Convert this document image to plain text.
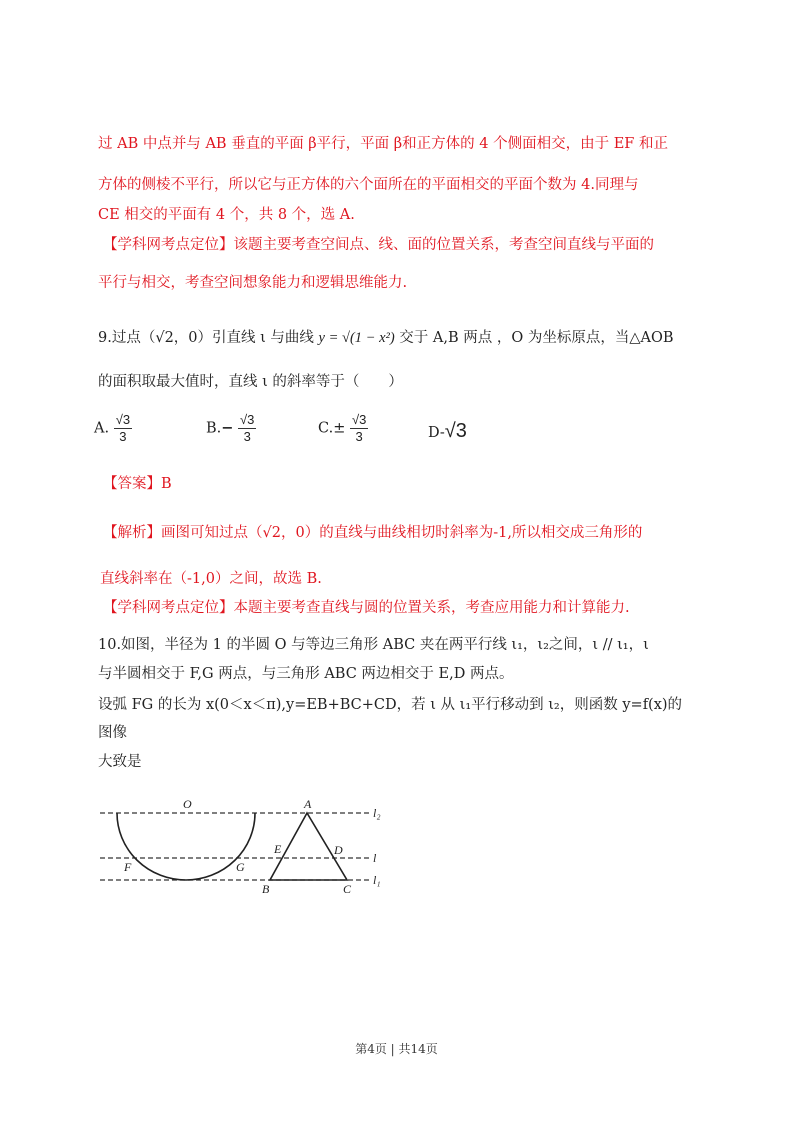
过 AB 中点并与 AB 垂直的平面 β平行，平面 β和正方体的 4 个侧面相交，由于 EF 和正
方体的侧棱不平行，所以它与正方体的六个面所在的平面相交的平面个数为 4.同理与
CE 相交的平面有 4 个，共 8 个，选 A.
【学科网考点定位】该题主要考查空间点、线、面的位置关系，考查空间直线与平面的
平行与相交，考查空间想象能力和逻辑思维能力.
9.过点（√2，0）引直线 ι 与曲线 y = √(1 − x²) 交于 A,B 两点 ，O 为坐标原点，当△AOB
的面积取最大值时，直线 ι 的斜率等于（　　）
A. $\frac{√3}{3}$	$B.- \frac{√3}{3}$	$C.\pm \frac{√3}{3}$	D-√3
【答案】B
【解析】画图可知过点（√2，0）的直线与曲线相切时斜率为-1,所以相交成三角形的
直线斜率在（-1,0）之间，故选 B.
【学科网考点定位】本题主要考查直线与圆的位置关系，考查应用能力和计算能力.
10.如图，半径为 1 的半圆 O 与等边三角形 ABC 夹在两平行线 ι₁，ι₂之间，ι // ι₁，ι
与半圆相交于 F,G 两点，与三角形 ABC 两边相交于 E,D 两点。
设弧 FG 的长为 x(0＜x＜π),y=EB+BC+CD，若 ι 从 ι₁平行移动到 ι₂，则函数 y=f(x)的
图像
大致是
O	A
B	C
D
E
F	G
l
l₁
l₂
第4页 | 共14页
